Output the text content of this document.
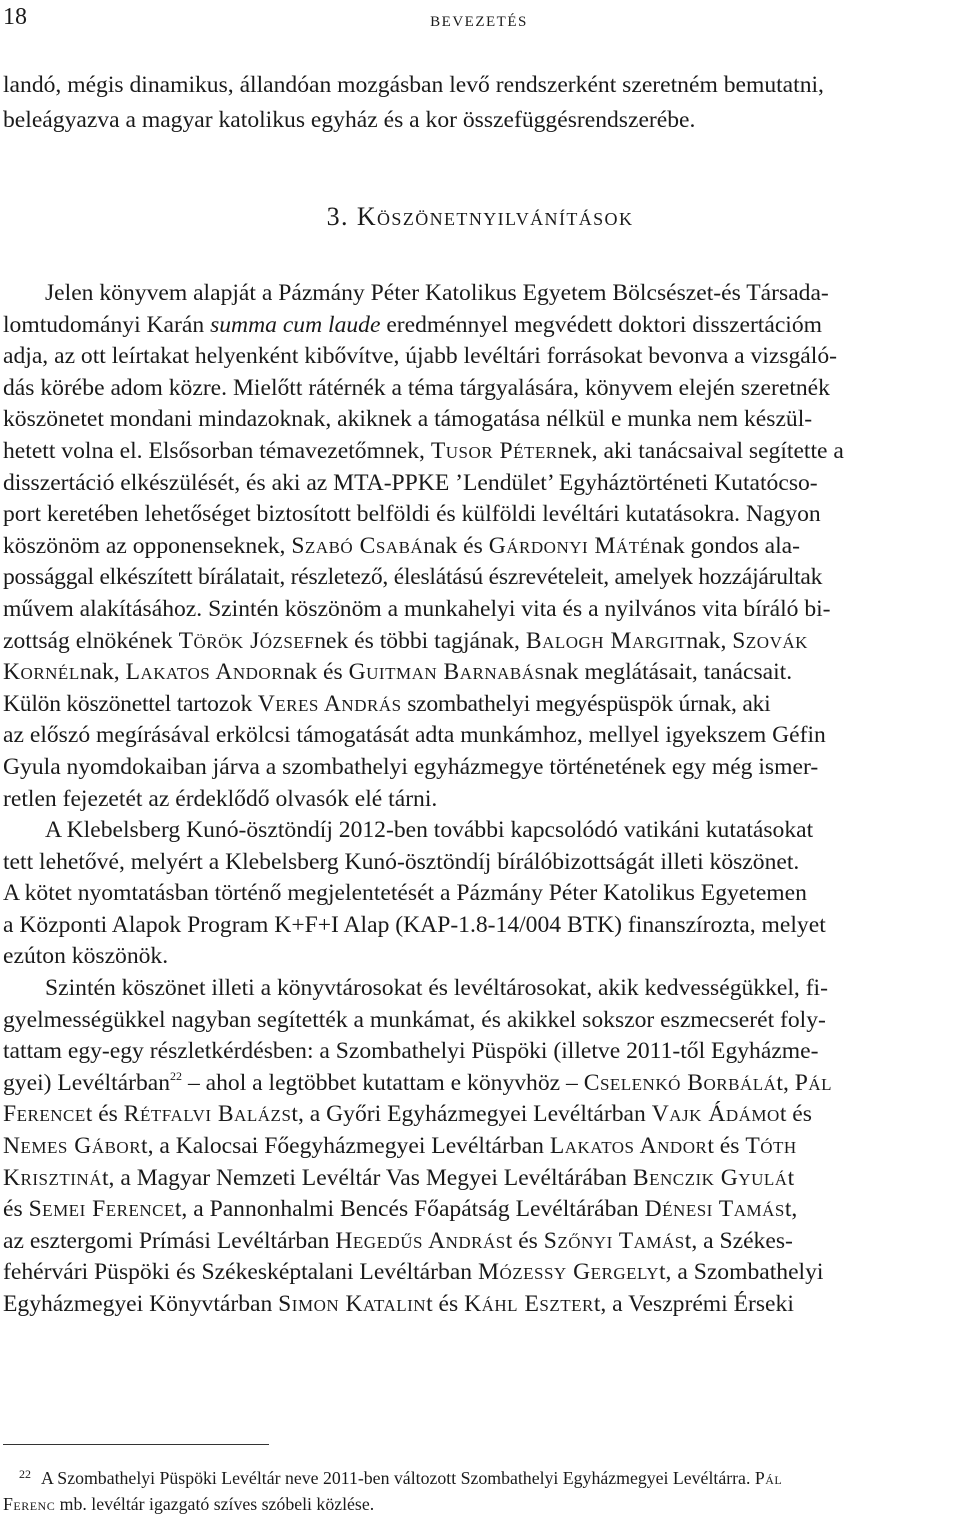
18	bevezetés
landó, mégis dinamikus, állandóan mozgásban levő rendszerként szeretném bemutatni,
beleágyazva a magyar katolikus egyház és a kor összefüggésrendszerébe.
3. Köszönetnyilvánítások
Jelen könyvem alapját a Pázmány Péter Katolikus Egyetem Bölcsészet-és Társada-
lomtudományi Karán summa cum laude eredménnyel megvédett doktori disszertációm
adja, az ott leírtakat helyenként kibővítve, újabb levéltári forrásokat bevonva a vizsgáló-
dás körébe adom közre. Mielőtt rátérnék a téma tárgyalására, könyvem elején szeretnék
köszönetet mondani mindazoknak, akiknek a támogatása nélkül e munka nem készül-
hetett volna el. Elsősorban témavezetőmnek, Tusor Péternek, aki tanácsaival segítette a
disszertáció elkészülését, és aki az MTA-PPKE ’Lendület’ Egyháztörténeti Kutatócso-
port keretében lehetőséget biztosított belföldi és külföldi levéltári kutatásokra. Nagyon
köszönöm az opponenseknek, Szabó Csabának és Gárdonyi Máténak gondos ala-
possággal elkészített bírálatait, részletező, éleslátású észrevételeit, amelyek hozzájárultak
művem alakításához. Szintén köszönöm a munkahelyi vita és a nyilvános vita bíráló bi-
zottság elnökének Török Józsefnek és többi tagjának, Balogh Margitnak, Szovák
Kornélnak, Lakatos Andornak és Guitman Barnabásnak meglátásait, tanácsait.
Külön köszönettel tartozok Veres András szombathelyi megyéspüspök úrnak, aki
az előszó megírásával erkölcsi támogatását adta munkámhoz, mellyel igyekszem Géfin
Gyula nyomdokaiban járva a szombathelyi egyházmegye történetének egy még ismer-
retlen fejezetét az érdeklődő olvasók elé tárni.
A Klebelsberg Kunó-ösztöndíj 2012-ben további kapcsolódó vatikáni kutatásokat
tett lehetővé, melyért a Klebelsberg Kunó-ösztöndíj bírálóbizottságát illeti köszönet.
A kötet nyomtatásban történő megjelentetését a Pázmány Péter Katolikus Egyetemen
a Központi Alapok Program K+F+I Alap (KAP-1.8-14/004 BTK) finanszírozta, melyet
ezúton köszönök.
Szintén köszönet illeti a könyvtárosokat és levéltárosokat, akik kedvességükkel, fi-
gyelmességükkel nagyban segítették a munkámat, és akikkel sokszor eszmecserét foly-
tattam egy-egy részletkérdésben: a Szombathelyi Püspöki (illetve 2011-től Egyházme-
gyei) Levéltárban$^{22}$ – ahol a legtöbbet kutattam e könyvhöz – Cselenkó Borbálát, Pál
Ferencet és Rétfalvi Balázst, a Győri Egyházmegyei Levéltárban Vajk Ádámot és
Nemes Gábort, a Kalocsai Főegyházmegyei Levéltárban Lakatos Andort és Tóth
Krisztinát, a Magyar Nemzeti Levéltár Vas Megyei Levéltárában Benczik Gyulát
és Semei Ferencet, a Pannonhalmi Bencés Főapátság Levéltárában Dénesi Tamást,
az esztergomi Prímási Levéltárban Hegedűs Andrást és Szőnyi Tamást, a Székes-
fehérvári Püspöki és Székesképtalani Levéltárban Mózessy Gergelyt, a Szombathelyi
Egyházmegyei Könyvtárban Simon Katalint és Káhl Esztert, a Veszprémi Érseki
$^{22}$ A Szombathelyi Püspöki Levéltár neve 2011-ben változott Szombathelyi Egyházmegyei Levéltárra. Pál
Ferenc mb. levéltár igazgató szíves szóbeli közlése.
